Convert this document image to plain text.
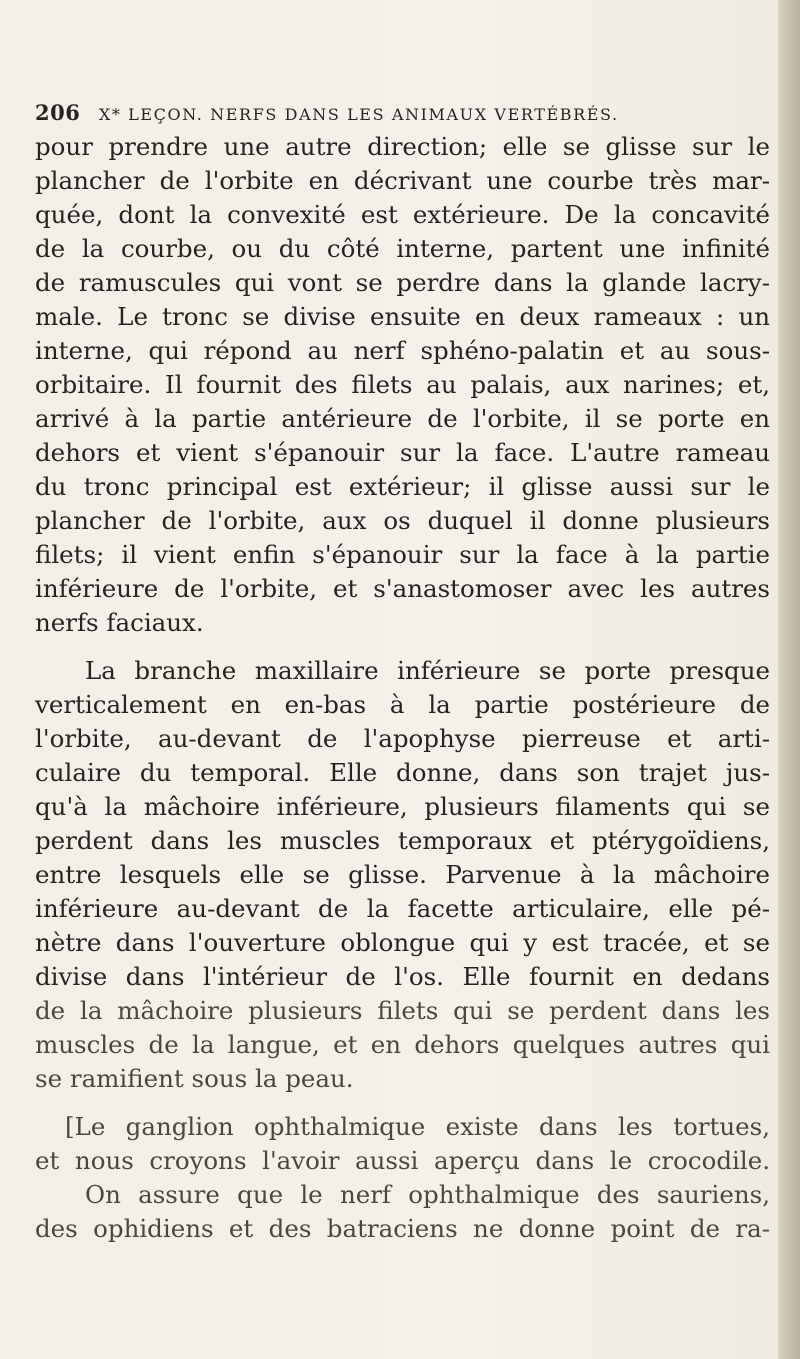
206 X* LEÇON. NERFS DANS LES ANIMAUX VERTÉBRÉS.
pour prendre une autre direction; elle se glisse sur le
plancher de l'orbite en décrivant une courbe très mar-
quée, dont la convexité est extérieure. De la concavité
de la courbe, ou du côté interne, partent une infinité
de ramuscules qui vont se perdre dans la glande lacry-
male. Le tronc se divise ensuite en deux rameaux : un
interne, qui répond au nerf sphéno-palatin et au sous-
orbitaire. Il fournit des filets au palais, aux narines; et,
arrivé à la partie antérieure de l'orbite, il se porte en
dehors et vient s'épanouir sur la face. L'autre rameau
du tronc principal est extérieur; il glisse aussi sur le
plancher de l'orbite, aux os duquel il donne plusieurs
filets; il vient enfin s'épanouir sur la face à la partie
inférieure de l'orbite, et s'anastomoser avec les autres
nerfs faciaux.
La branche maxillaire inférieure se porte presque
verticalement en en-bas à la partie postérieure de
l'orbite, au-devant de l'apophyse pierreuse et arti-
culaire du temporal. Elle donne, dans son trajet jus-
qu'à la mâchoire inférieure, plusieurs filaments qui se
perdent dans les muscles temporaux et ptérygoïdiens,
entre lesquels elle se glisse. Parvenue à la mâchoire
inférieure au-devant de la facette articulaire, elle pé-
nètre dans l'ouverture oblongue qui y est tracée, et se
divise dans l'intérieur de l'os. Elle fournit en dedans
de la mâchoire plusieurs filets qui se perdent dans les
muscles de la langue, et en dehors quelques autres qui
se ramifient sous la peau.
[Le ganglion ophthalmique existe dans les tortues,
et nous croyons l'avoir aussi aperçu dans le crocodile.
On assure que le nerf ophthalmique des sauriens,
des ophidiens et des batraciens ne donne point de ra-
